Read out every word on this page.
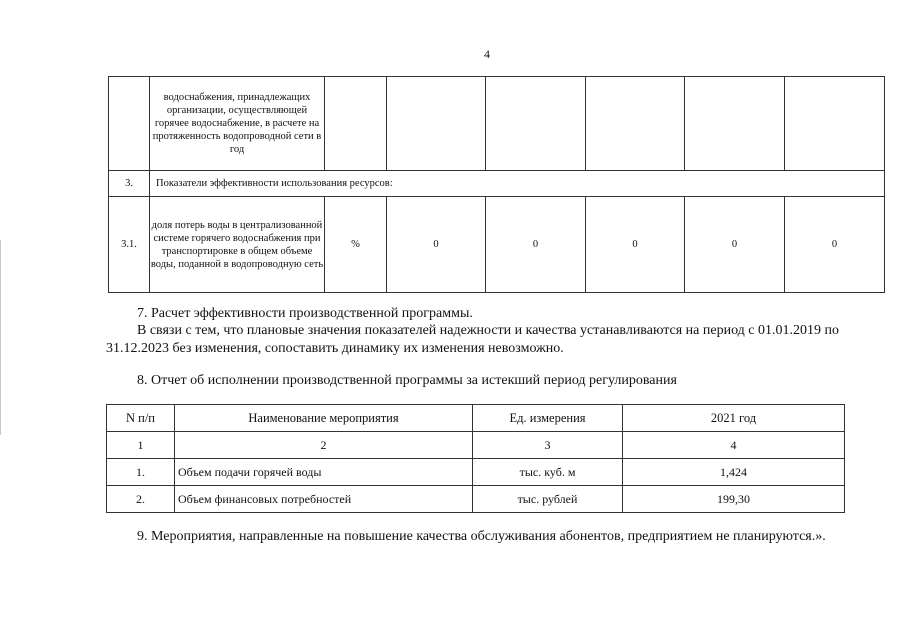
4
	водоснабжения, принадлежащих организации, осуществляющей горячее водоснабжение, в расчете на протяженность водопроводной сети в год						
3.	Показатели эффективности использования ресурсов:						
3.1.	доля потерь воды в централизованной системе горячего водоснабжения при транспортировке в общем объеме воды, поданной в водопроводную сеть	%	0	0	0	0	0

7. Расчет эффективности производственной программы.

В связи с тем, что плановые значения показателей надежности и качества устанавливаются на период с 01.01.2019 по 31.12.2023 без изменения, сопоставить динамику их изменения невозможно.

8. Отчет об исполнении производственной программы за истекший период регулирования

N п/п	Наименование мероприятия	Ед. измерения	2021 год
1	2	3	4
1.	Объем подачи горячей воды	тыс. куб. м	1,424
2.	Объем финансовых потребностей	тыс. рублей	199,30

9. Мероприятия, направленные на повышение качества обслуживания абонентов, предприятием не планируются.».
